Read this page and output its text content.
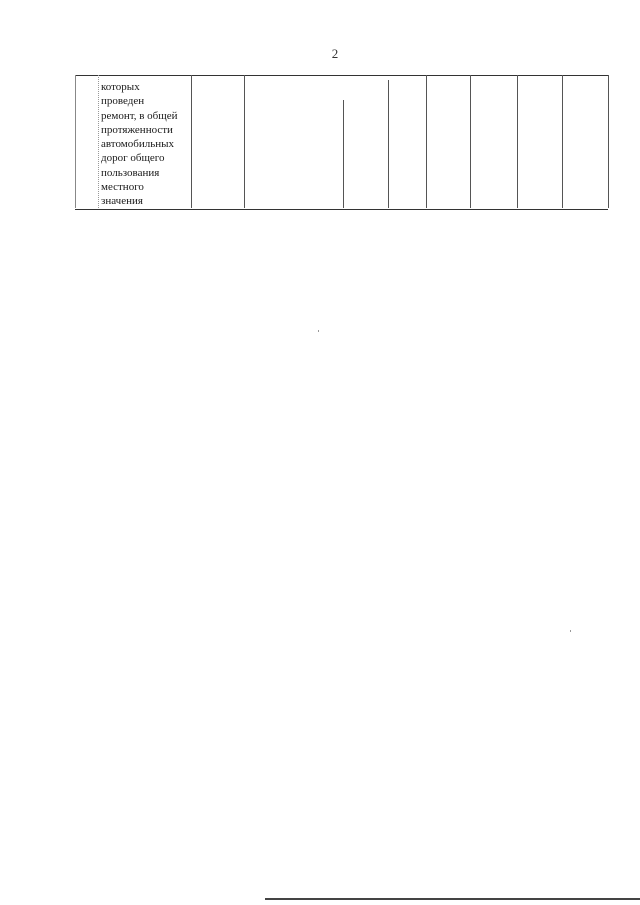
2
которых
проведен
ремонт, в общей
протяженности
автомобильных
дорог общего
пользования
местного
значения
